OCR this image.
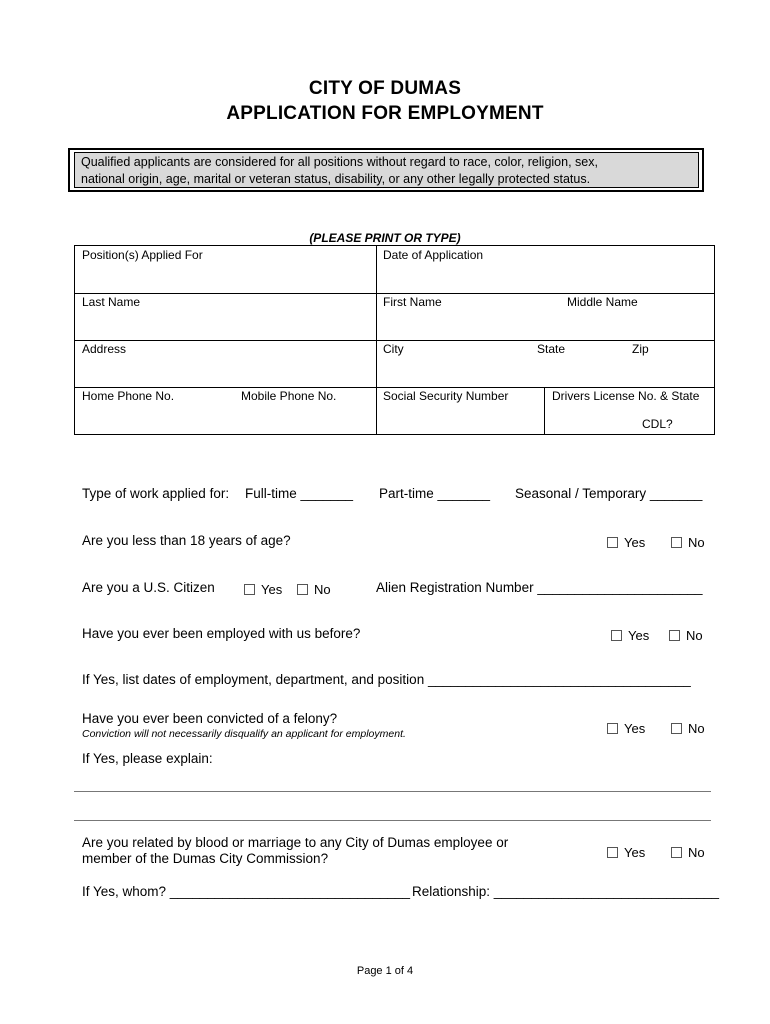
CITY OF DUMAS
APPLICATION FOR EMPLOYMENT
Qualified applicants are considered for all positions without regard to race, color, religion, sex,
national origin, age, marital or veteran status, disability, or any other legally protected status.
(PLEASE PRINT OR TYPE)
Position(s) Applied For	Date of Application
Last Name	First Name	Middle Name
Address	City	State	Zip
Home Phone No.	Mobile Phone No.	Social Security Number	Drivers License No. & State
CDL?
Type of work applied for: Full-time _______ Part-time _______ Seasonal / Temporary _______
Are you less than 18 years of age?	Yes	No
Are you a U.S. Citizen	Yes	No	Alien Registration Number ______________________
Have you ever been employed with us before?	Yes	No
If Yes, list dates of employment, department, and position ___________________________________
Have you ever been convicted of a felony?
Conviction will not necessarily disqualify an applicant for employment.	Yes	No
If Yes, please explain:
Are you related by blood or marriage to any City of Dumas employee or
member of the Dumas City Commission?	Yes	No
If Yes, whom? ________________________________ Relationship: ______________________________
Page 1 of 4
